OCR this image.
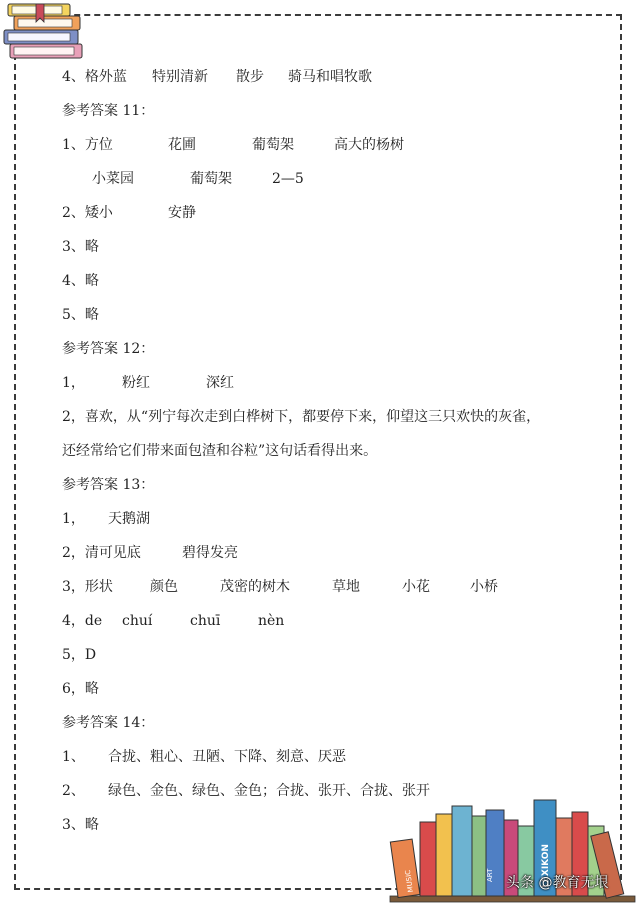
MUSIC	LEXIKON
ART
4、格外蓝 特别清新 散步 骑马和唱牧歌
参考答案 11：
1、方位	花圃	葡萄架	高大的杨树
小菜园	葡萄架	2—5
2、矮小	安静
3、略
4、略
5、略
参考答案 12：
1，	粉红	深红
2，喜欢，从“列宁每次走到白桦树下，都要停下来，仰望这三只欢快的灰雀，
还经常给它们带来面包渣和谷粒”这句话看得出来。
参考答案 13：
1， 天鹅湖
2，清可见底	碧得发亮
3，形状	颜色	茂密的树木	草地	小花	小桥
4，de chuí	chuī	nèn
5，D
6，略
参考答案 14：
1、 合拢、粗心、丑陋、下降、刻意、厌恶
2、 绿色、金色、绿色、金色；合拢、张开、合拢、张开
3、略
头条 @教育无垠
